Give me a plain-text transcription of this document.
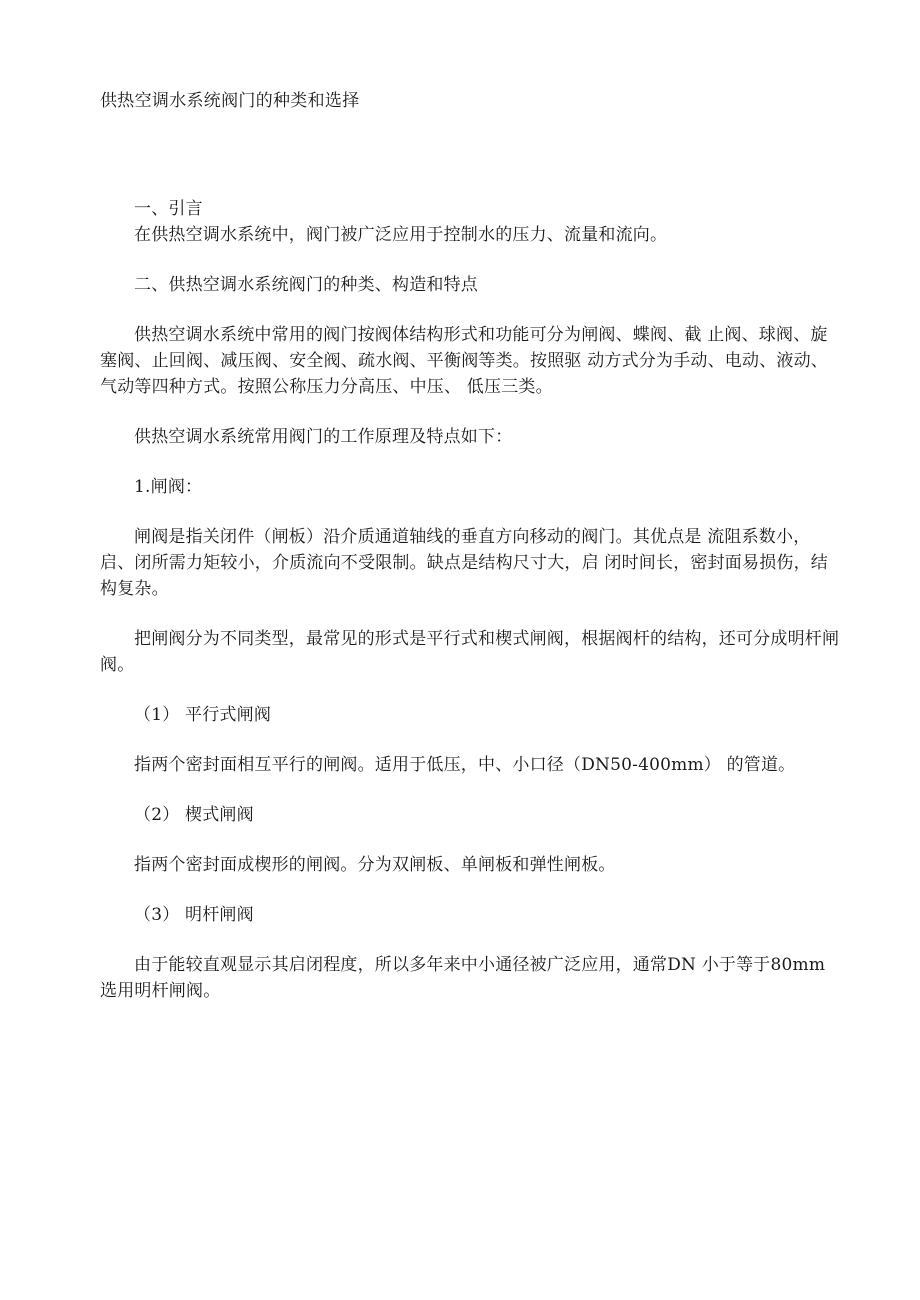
供热空调水系统阀门的种类和选择

一、引言

在供热空调水系统中，阀门被广泛应用于控制水的压力、流量和流向。

二、供热空调水系统阀门的种类、构造和特点

供热空调水系统中常用的阀门按阀体结构形式和功能可分为闸阀、蝶阀、截 止阀、球阀、旋塞阀、止回阀、减压阀、安全阀、疏水阀、平衡阀等类。按照驱 动方式分为手动、电动、液动、气动等四种方式。按照公称压力分高压、中压、 低压三类。

供热空调水系统常用阀门的工作原理及特点如下：

1.闸阀：

闸阀是指关闭件（闸板）沿介质通道轴线的垂直方向移动的阀门。其优点是 流阻系数小，启、闭所需力矩较小，介质流向不受限制。缺点是结构尺寸大，启 闭时间长，密封面易损伤，结构复杂。

把闸阀分为不同类型，最常见的形式是平行式和楔式闸阀，根据阀杆的结构，还可分成明杆闸阀。

（1） 平行式闸阀

指两个密封面相互平行的闸阀。适用于低压，中、小口径（DN50-400mm） 的管道。

（2） 楔式闸阀

指两个密封面成楔形的闸阀。分为双闸板、单闸板和弹性闸板。

（3） 明杆闸阀

由于能较直观显示其启闭程度，所以多年来中小通径被广泛应用，通常DN 小于等于80mm选用明杆闸阀。
